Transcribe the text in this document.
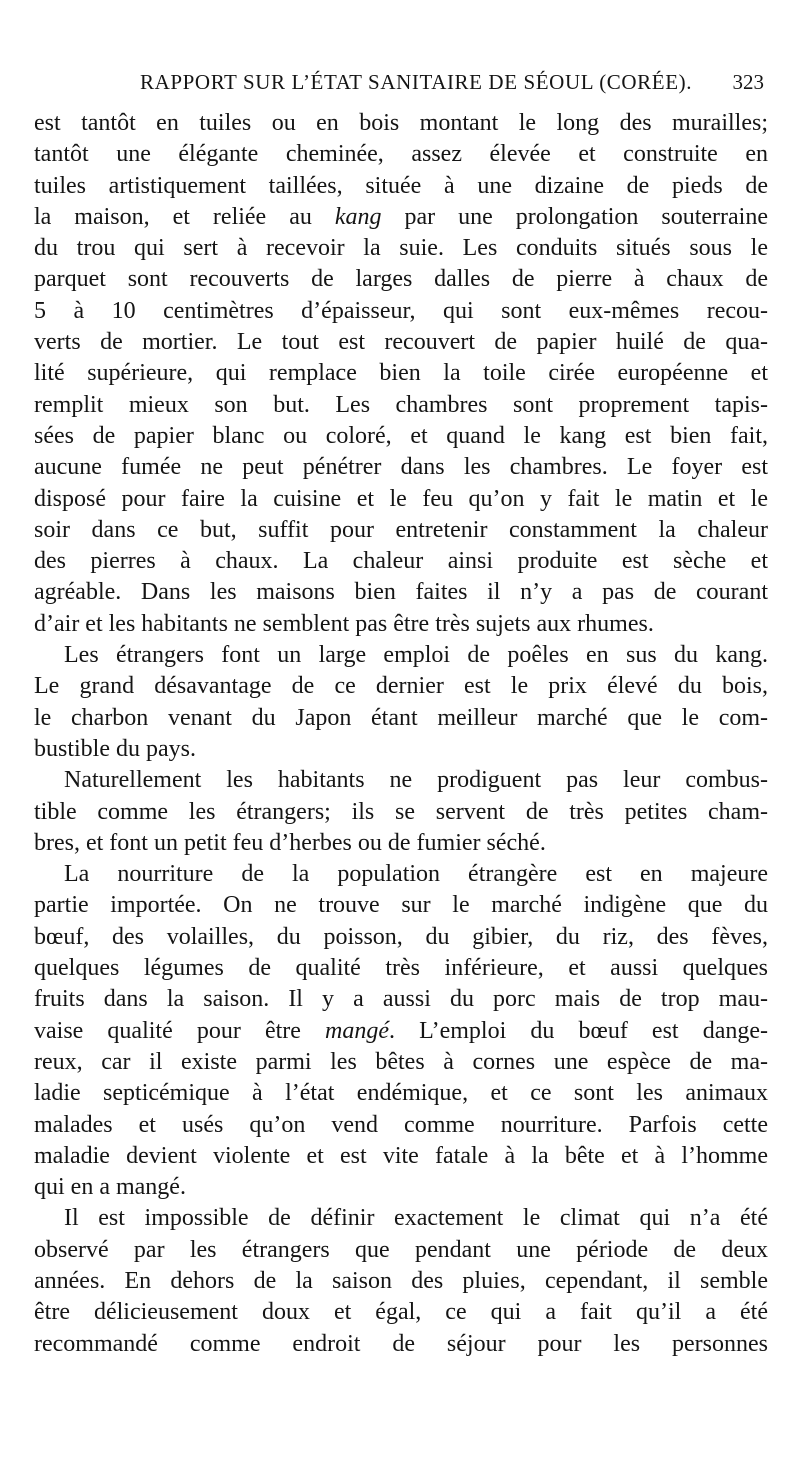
RAPPORT SUR L’ÉTAT SANITAIRE DE SÉOUL (CORÉE). 323
est tantôt en tuiles ou en bois montant le long des murailles;
tantôt une élégante cheminée, assez élevée et construite en
tuiles artistiquement taillées, située à une dizaine de pieds de
la maison, et reliée au kang par une prolongation souterraine
du trou qui sert à recevoir la suie. Les conduits situés sous le
parquet sont recouverts de larges dalles de pierre à chaux de
5 à 10 centimètres d’épaisseur, qui sont eux-mêmes recou-
verts de mortier. Le tout est recouvert de papier huilé de qua-
lité supérieure, qui remplace bien la toile cirée européenne et
remplit mieux son but. Les chambres sont proprement tapis-
sées de papier blanc ou coloré, et quand le kang est bien fait,
aucune fumée ne peut pénétrer dans les chambres. Le foyer est
disposé pour faire la cuisine et le feu qu’on y fait le matin et le
soir dans ce but, suffit pour entretenir constamment la chaleur
des pierres à chaux. La chaleur ainsi produite est sèche et
agréable. Dans les maisons bien faites il n’y a pas de courant
d’air et les habitants ne semblent pas être très sujets aux rhumes.
Les étrangers font un large emploi de poêles en sus du kang.
Le grand désavantage de ce dernier est le prix élevé du bois,
le charbon venant du Japon étant meilleur marché que le com-
bustible du pays.
Naturellement les habitants ne prodiguent pas leur combus-
tible comme les étrangers; ils se servent de très petites cham-
bres, et font un petit feu d’herbes ou de fumier séché.
La nourriture de la population étrangère est en majeure
partie importée. On ne trouve sur le marché indigène que du
bœuf, des volailles, du poisson, du gibier, du riz, des fèves,
quelques légumes de qualité très inférieure, et aussi quelques
fruits dans la saison. Il y a aussi du porc mais de trop mau-
vaise qualité pour être mangé. L’emploi du bœuf est dange-
reux, car il existe parmi les bêtes à cornes une espèce de ma-
ladie septicémique à l’état endémique, et ce sont les animaux
malades et usés qu’on vend comme nourriture. Parfois cette
maladie devient violente et est vite fatale à la bête et à l’homme
qui en a mangé.
Il est impossible de définir exactement le climat qui n’a été
observé par les étrangers que pendant une période de deux
années. En dehors de la saison des pluies, cependant, il semble
être délicieusement doux et égal, ce qui a fait qu’il a été
recommandé comme endroit de séjour pour les personnes
